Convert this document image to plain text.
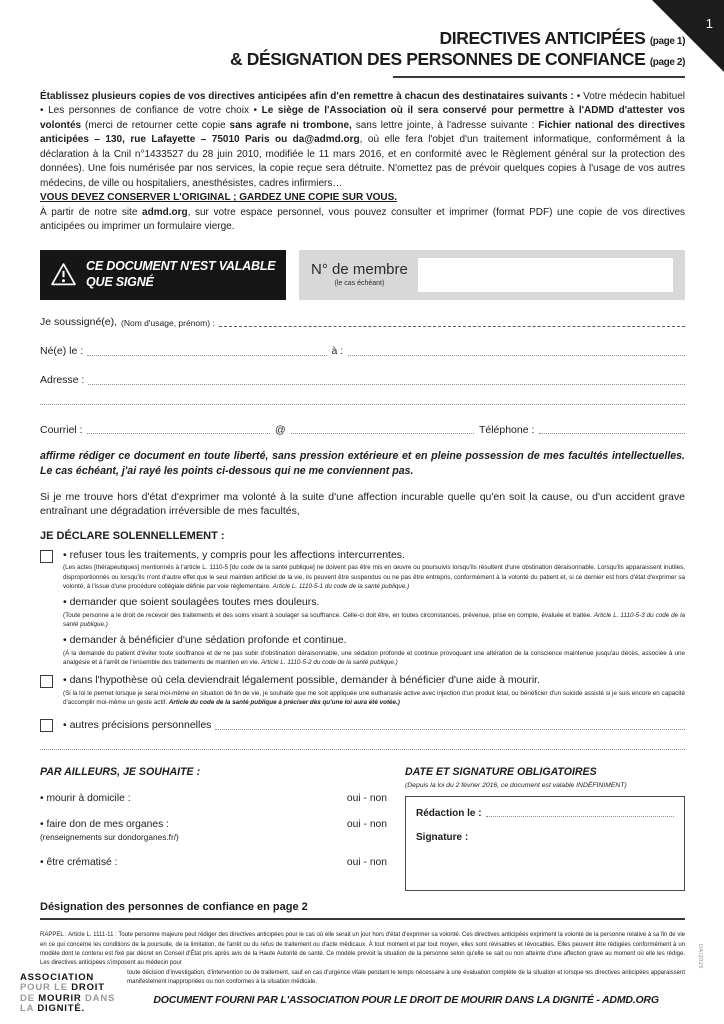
1
DIRECTIVES ANTICIPÉES (page 1)
& DÉSIGNATION DES PERSONNES DE CONFIANCE (page 2)

Établissez plusieurs copies de vos directives anticipées afin d'en remettre à chacun des destinataires suivants : • Votre médecin habituel • Les personnes de confiance de votre choix • Le siège de l'Association où il sera conservé pour permettre à l'ADMD d'attester vos volontés (merci de retourner cette copie sans agrafe ni trombone, sans lettre jointe, à l'adresse suivante : Fichier national des directives anticipées – 130, rue Lafayette – 75010 Paris ou da@admd.org, où elle fera l'objet d'un traitement informatique, conformément à la déclaration à la Cnil n°1433527 du 28 juin 2010, modifiée le 11 mars 2016, et en conformité avec le Règlement général sur la protection des données). Une fois numérisée par nos services, la copie reçue sera détruite. N'omettez pas de prévoir quelques copies à l'usage de vos autres médecins, de ville ou hospitaliers, anesthésistes, cadres infirmiers…

VOUS DEVEZ CONSERVER L'ORIGINAL ; GARDEZ UNE COPIE SUR VOUS.

À partir de notre site admd.org, sur votre espace personnel, vous pouvez consulter et imprimer (format PDF) une copie de vos directives anticipées ou imprimer un formulaire vierge.

CE DOCUMENT N'EST VALABLE QUE SIGNÉ
N° de membre
(le cas échéant)
Je soussigné(e), (Nom d'usage, prénom) :
Né(e) le :	à :
Adresse :
Courriel :	@	Téléphone :

affirme rédiger ce document en toute liberté, sans pression extérieure et en pleine possession de mes facultés intellectuelles. Le cas échéant, j'ai rayé les points ci-dessous qui ne me conviennent pas.

Si je me trouve hors d'état d'exprimer ma volonté à la suite d'une affection incurable quelle qu'en soit la cause, ou d'un accident grave entraînant une dégradation irréversible de mes facultés,

JE DÉCLARE SOLENNELLEMENT :
• refuser tous les traitements, y compris pour les affections intercurrentes.

(Les actes [thérapeutiques] mentionnés à l'article L. 1110-5 [du code de la santé publique] ne doivent pas être mis en œuvre ou poursuivis lorsqu'ils résultent d'une obstination déraisonnable. Lorsqu'ils apparaissent inutiles, disproportionnés ou lorsqu'ils n'ont d'autre effet que le seul maintien artificiel de la vie, ils peuvent être suspendus ou ne pas être entrepris, conformément à la volonté du patient et, si ce dernier est hors d'état d'exprimer sa volonté, à l'issue d'une procédure collégiale définie par voie réglementaire. Article L. 1110-5-1 du code de la santé publique.)

• demander que soient soulagées toutes mes douleurs.

(Toute personne a le droit de recevoir des traitements et des soins visant à soulager sa souffrance. Celle-ci doit être, en toutes circonstances, prévenue, prise en compte, évaluée et traitée. Article L. 1110-5-3 du code de la santé publique.)

• demander à bénéficier d'une sédation profonde et continue.

(À la demande du patient d'éviter toute souffrance et de ne pas subir d'obstination déraisonnable, une sédation profonde et continue provoquant une altération de la conscience maintenue jusqu'au décès, associée à une analgésie et à l'arrêt de l'ensemble des traitements de maintien en vie. Article L. 1110-5-2 du code de la santé publique.)

• dans l'hypothèse où cela deviendrait légalement possible, demander à bénéficier d'une aide à mourir.

(Si la loi le permet lorsque je serai moi-même en situation de fin de vie, je souhaite que me soit appliquée une euthanasie active avec injection d'un produit létal, ou bénéficier d'un suicide assisté si je suis encore en capacité d'accomplir moi-même un geste actif. Article du code de la santé publique à préciser dès qu'une loi aura été votée.)

• autres précisions personnelles
PAR AILLEURS, JE SOUHAITE :
• mourir à domicile :	oui - non
• faire don de mes organes :	oui - non
(renseignements sur dondorganes.fr/)
• être crématisé :	oui - non
DATE ET SIGNATURE OBLIGATOIRES
(Depuis la loi du 2 février 2016, ce document est valable INDÉFINIMENT)
Rédaction le :
Signature :
Désignation des personnes de confiance en page 2

RAPPEL : Article L. 1111-11 : Toute personne majeure peut rédiger des directives anticipées pour le cas où elle serait un jour hors d'état d'exprimer sa volonté. Ces directives anticipées expriment la volonté de la personne relative à sa fin de vie en ce qui concerne les conditions de la poursuite, de la limitation, de l'arrêt ou du refus de traitement ou d'acte médicaux. À tout moment et par tout moyen, elles sont révisables et révocables. Elles peuvent être rédigées conformément à un modèle dont le contenu est fixé par décret en Conseil d'État pris après avis de la Haute Autorité de santé. Ce modèle prévoit la situation de la personne selon qu'elle se sait ou non atteinte d'une affection grave au moment où elle les rédige. Les directives anticipées s'imposent au médecin pour

ASSOCIATION
POUR LE DROIT
DE MOURIR DANS
LA DIGNITÉ.

toute décision d'investigation, d'intervention ou de traitement, sauf en cas d'urgence vitale pendant le temps nécessaire à une évaluation complète de la situation et lorsque les directives anticipées apparaissent manifestement inappropriées ou non conformes à la situation médicale.

DOCUMENT FOURNI PAR L'ASSOCIATION POUR LE DROIT DE MOURIR DANS LA DIGNITÉ - ADMD.ORG
DA/2025
